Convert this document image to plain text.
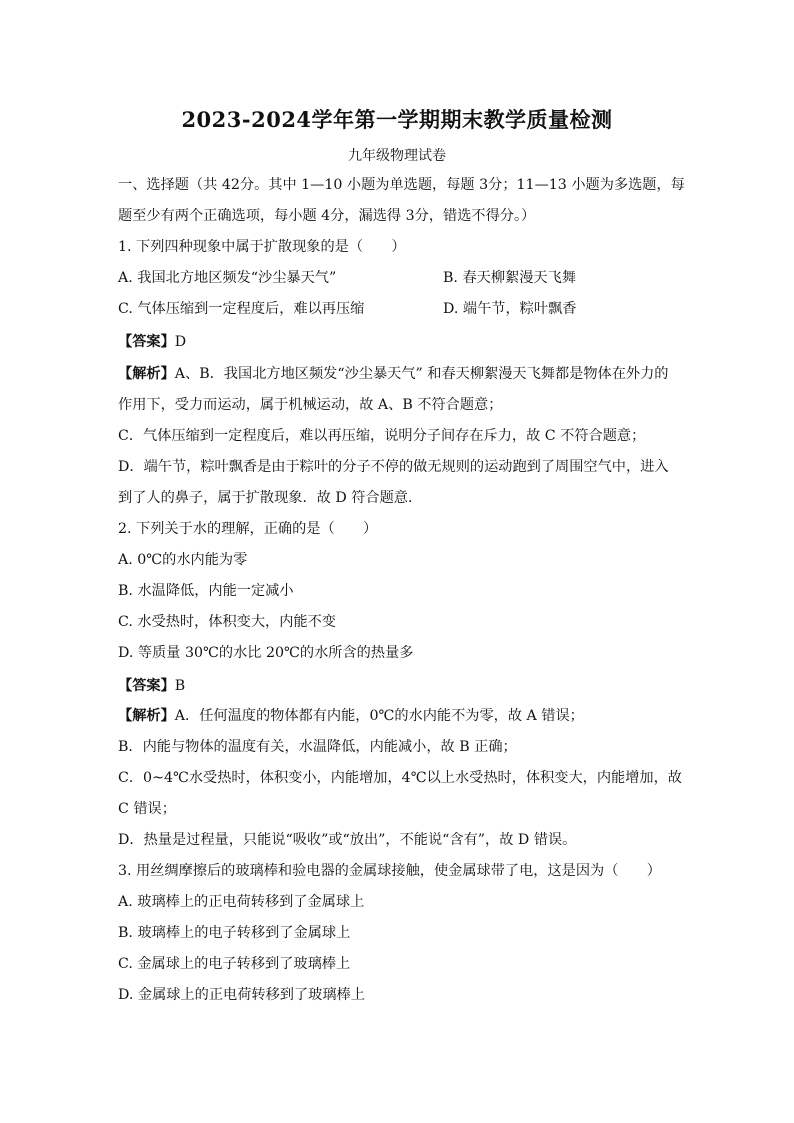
2023-2024学年第一学期期末教学质量检测
九年级物理试卷
一、选择题（共 42分。其中 1—10 小题为单选题，每题 3分；11—13 小题为多选题，每
题至少有两个正确选项，每小题 4分，漏选得 3分，错选不得分。）
1. 下列四种现象中属于扩散现象的是（　　）
A. 我国北方地区频发“沙尘暴天气”	B. 春天柳絮漫天飞舞
C. 气体压缩到一定程度后，难以再压缩	D. 端午节，粽叶飘香
【答案】D
【解析】A、B．我国北方地区频发“沙尘暴天气” 和春天柳絮漫天飞舞都是物体在外力的
作用下，受力而运动，属于机械运动，故 A、B 不符合题意；
C．气体压缩到一定程度后，难以再压缩，说明分子间存在斥力，故 C 不符合题意；
D．端午节，粽叶飘香是由于粽叶的分子不停的做无规则的运动跑到了周围空气中，进入
到了人的鼻子，属于扩散现象．故 D 符合题意．
2. 下列关于水的理解，正确的是（　　）
A. 0℃的水内能为零
B. 水温降低，内能一定减小
C. 水受热时，体积变大，内能不变
D. 等质量 30℃的水比 20℃的水所含的热量多
【答案】B
【解析】A．任何温度的物体都有内能，0℃的水内能不为零，故 A 错误；
B．内能与物体的温度有关，水温降低，内能减小，故 B 正确；
C．0~4℃水受热时，体积变小，内能增加，4℃以上水受热时，体积变大，内能增加，故
C 错误；
D．热量是过程量，只能说“吸收”或“放出”，不能说“含有”，故 D 错误。
3. 用丝绸摩擦后的玻璃棒和验电器的金属球接触，使金属球带了电，这是因为（　　）
A. 玻璃棒上的正电荷转移到了金属球上
B. 玻璃棒上的电子转移到了金属球上
C. 金属球上的电子转移到了玻璃棒上
D. 金属球上的正电荷转移到了玻璃棒上
